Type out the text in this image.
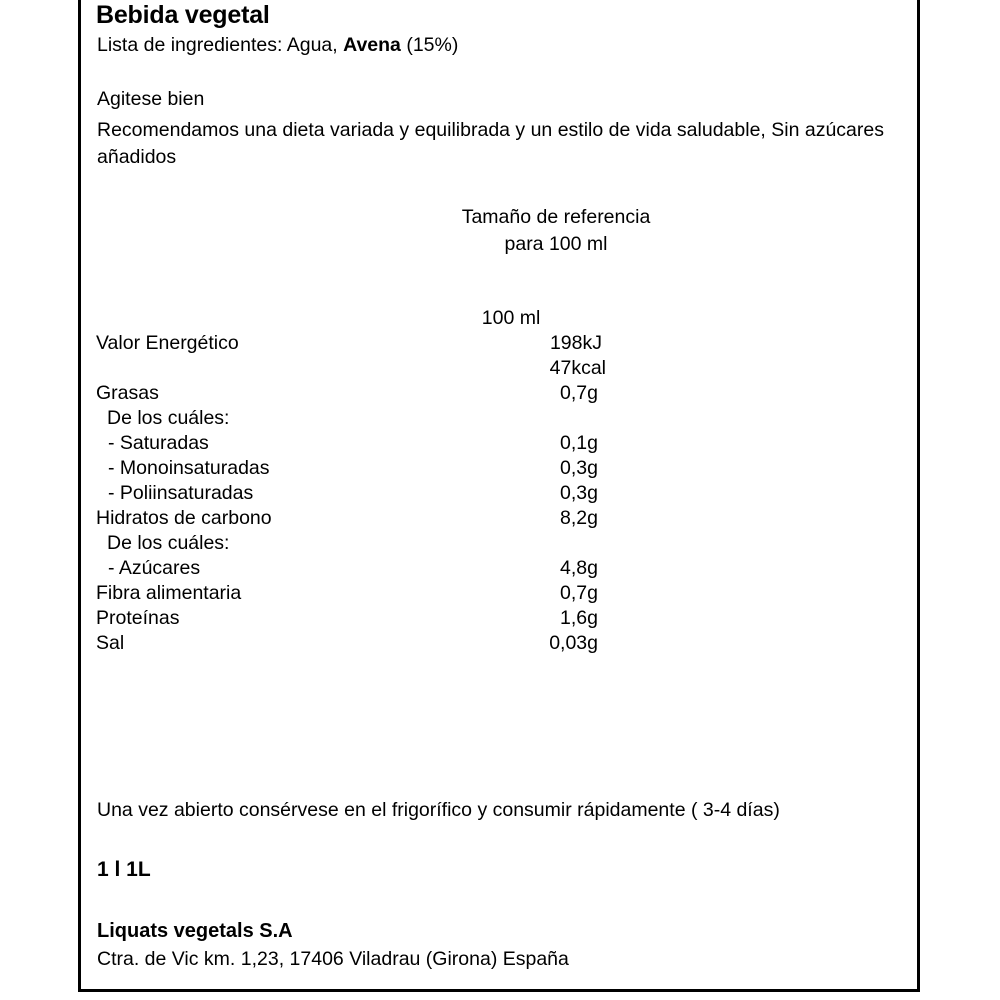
Bebida vegetal
Lista de ingredientes: Agua, Avena (15%)
Agitese bien
Recomendamos una dieta variada y equilibrada y un estilo de vida saludable, Sin azúcares añadidos
Tamaño de referencia
para 100 ml
	100 ml
Valor Energético	198kJ
	47kcal
Grasas	0,7g
De los cuáles:	
- Saturadas	0,1g
- Monoinsaturadas	0,3g
- Poliinsaturadas	0,3g
Hidratos de carbono	8,2g
De los cuáles:	
- Azúcares	4,8g
Fibra alimentaria	0,7g
Proteínas	1,6g
Sal	0,03g
Una vez abierto consérvese en el frigorífico y consumir rápidamente ( 3-4 días)
1 l 1L
Liquats vegetals S.A
Ctra. de Vic km. 1,23, 17406 Viladrau (Girona) España
